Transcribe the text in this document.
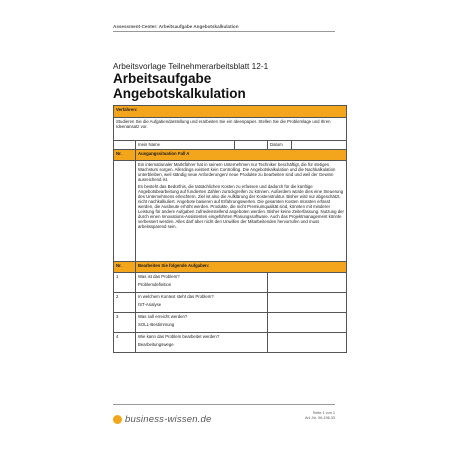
Assessment-Center: Arbeitsaufgabe Angebotskalkulation
Arbeitsvorlage Teilnehmerarbeitsblatt 12-1
Arbeitsaufgabe
Angebotskalkulation
Verfahren:				
Studieren Sie die Aufgabendarstellung und erarbeiten Sie ein Ideenpapier. Stellen Sie die Problemlage und Ihren Ideenansatz vor.				
	mein Name		Datum	
Nr.	Ausgangssituation Fall A			

	Ein internationaler Marktführer hat in seinem Unternehmen nur Techniker beschäftigt, die für stetiges Wachstum sorgen. Allerdings existiert kein Controlling. Die Angebotskalkulation und die Nachkalkulation unterbleiben, weil ständig neue Anforderungen/ neue Produkte zu bearbeiten sind und weil der Gewinn ausreichend ist.
Es besteht das Bedürfnis, die tatsächlichen Kosten zu erfassen und dadurch für die künftige Angebotsbearbeitung auf fundierten Zahlen zurückgreifen zu können. Außerdem würde dies eine Steuerung des Unternehmens erleichtern. Ziel ist also die Aufklärung der Kostenstruktur. Bisher wird nur abgeschätzt, nicht nachkalkuliert. Angebote basieren auf Erfahrungswerten. Die gesamten Kosten müssten erfasst werden, die Ausbeute erhöht werden. Produkte, die nicht Premiumqualität sind, könnten mit minderer Leistung für andere Aufgaben zufriedenstellend angeboten werden. Bisher keine Zeiterfassung. Nutzung der durch einen Innovations-Assistenten eingeführten Planungssoftware. Auch das Projektmanagement könnte verbessert werden. Alles darf aber nicht den Unwillen der Mitarbeitenden hervorrufen und muss arbeitssparend sein.			

Nr.	Bearbeiten Sie folgende Aufgaben:			
1	Was ist das Problem?
Problemdefinition			

2	In welchem Kontext steht das Problem?
IST-Analyse			

3	Was soll erreicht werden?
SOLL-Bestimmung			

4	Wie kann das Problem bearbeitet werden?
Bearbeitungswege			

business-wissen.de
Seite 1 von 1
Art.-Nr. 06.196.33
